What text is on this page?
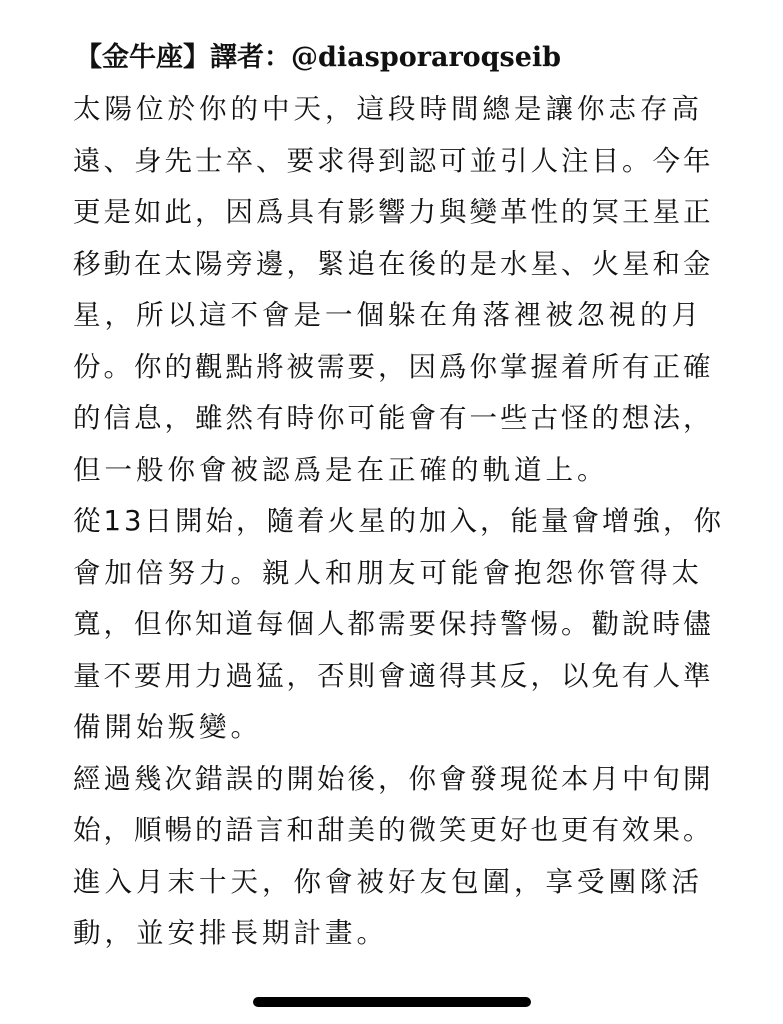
【金牛座】譯者：@diasporaroqseib
太陽位於你的中天，這段時間總是讓你志存高
遠、身先士卒、要求得到認可並引人注目。今年
更是如此，因爲具有影響力與變革性的冥王星正
移動在太陽旁邊，緊追在後的是水星、火星和金
星，所以這不會是一個躲在角落裡被忽視的月
份。你的觀點將被需要，因爲你掌握着所有正確
的信息，雖然有時你可能會有一些古怪的想法，
但一般你會被認爲是在正確的軌道上。
從13日開始，隨着火星的加入，能量會增強，你
會加倍努力。親人和朋友可能會抱怨你管得太
寬，但你知道每個人都需要保持警惕。勸說時儘
量不要用力過猛，否則會適得其反，以免有人準
備開始叛變。
經過幾次錯誤的開始後，你會發現從本月中旬開
始，順暢的語言和甜美的微笑更好也更有效果。
進入月末十天，你會被好友包圍，享受團隊活
動，並安排長期計畫。
